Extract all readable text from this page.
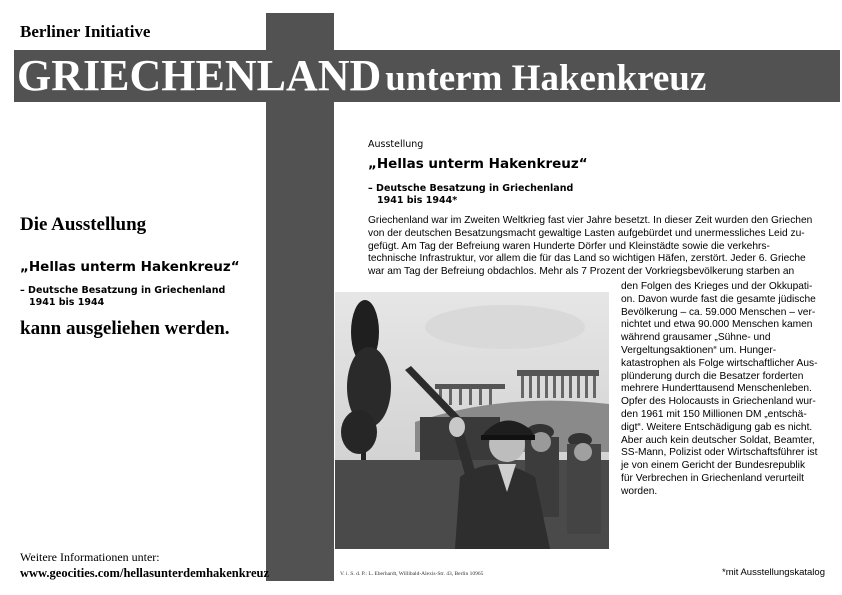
Berliner Initiative
GRIECHENLAND unterm Hakenkreuz
Die Ausstellung
„Hellas unterm Hakenkreuz“
– Deutsche Besatzung in Griechenland
1941 bis 1944
kann ausgeliehen werden.
Weitere Informationen unter:
www.geocities.com/hellasunterdemhakenkreuz
Ausstellung
„Hellas unterm Hakenkreuz“
– Deutsche Besatzung in Griechenland
1941 bis 1944*
Griechenland war im Zweiten Weltkrieg fast vier Jahre besetzt. In dieser Zeit wurden den Griechen
von der deutschen Besatzungsmacht gewaltige Lasten aufgebürdet und unermessliches Leid zu-
gefügt. Am Tag der Befreiung waren Hunderte Dörfer und Kleinstädte sowie die verkehrs-
technische Infrastruktur, vor allem die für das Land so wichtigen Häfen, zerstört. Jeder 6. Grieche
war am Tag der Befreiung obdachlos. Mehr als 7 Prozent der Vorkriegsbevölkerung starben an
den Folgen des Krieges und der Okkupati-
on. Davon wurde fast die gesamte jüdische
Bevölkerung – ca. 59.000 Menschen – ver-
nichtet und etwa 90.000 Menschen kamen
während grausamer „Sühne- und
Vergeltungsaktionen“ um. Hunger-
katastrophen als Folge wirtschaftlicher Aus-
plünderung durch die Besatzer forderten
mehrere Hunderttausend Menschenleben.
Opfer des Holocausts in Griechenland wur-
den 1961 mit 150 Millionen DM „entschä-
digt“. Weitere Entschädigung gab es nicht.
Aber auch kein deutscher Soldat, Beamter,
SS-Mann, Polizist oder Wirtschaftsführer ist
je von einem Gericht der Bundesrepublik
für Verbrechen in Griechenland verurteilt
worden.
V. i. S. d. P.: L. Eberhardt, Willibald-Alexis-Str. 43, Berlin 10965	*mit Ausstellungskatalog
